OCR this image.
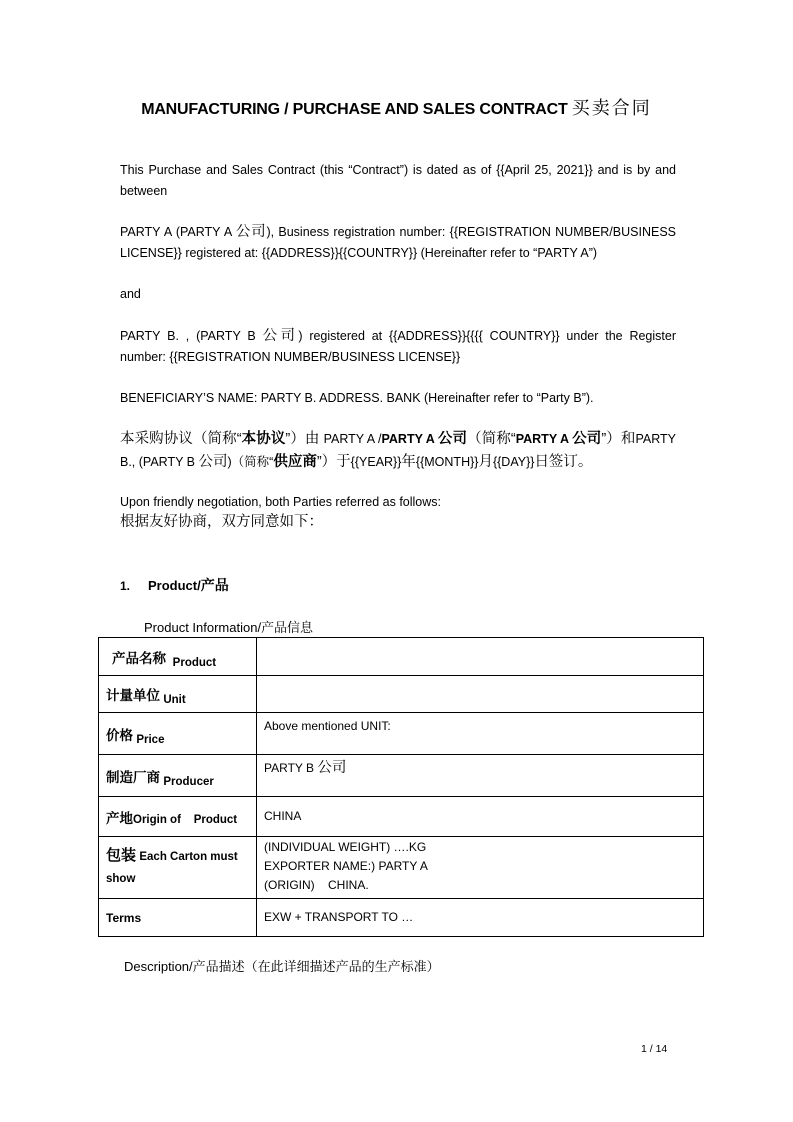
MANUFACTURING / PURCHASE AND SALES CONTRACT 买卖合同
This Purchase and Sales Contract (this “Contract”) is dated as of {{April 25, 2021}} and is by and between
PARTY A (PARTY A 公司), Business registration number: {{REGISTRATION NUMBER/BUSINESS LICENSE}} registered at: {{ADDRESS}}{{COUNTRY}} (Hereinafter refer to “PARTY A”)
and
PARTY B. , (PARTY B 公司) registered at {{ADDRESS}}{{{{ COUNTRY}} under the Register number: {{REGISTRATION NUMBER/BUSINESS LICENSE}}
BENEFICIARY’S NAME: PARTY B. ADDRESS. BANK (Hereinafter refer to “Party B”).
本采购协议（简称“本协议”）由 PARTY A /PARTY A 公司（简称“PARTY A 公司”）和PARTY B., (PARTY B 公司)（简称“供应商”）于{{YEAR}}年{{MONTH}}月{{DAY}}日签订。
Upon friendly negotiation, both Parties referred as follows:
根据友好协商，双方同意如下：
1. Product/产品
Product Information/产品信息
产品名称 Product	
计量单位 Unit	
价格 Price	Above mentioned UNIT:
制造厂商 Producer	PARTY B 公司
产地Origin of    Product	CHINA
包装 Each Carton must show	(INDIVIDUAL WEIGHT) ….KG
EXPORTER NAME:) PARTY A
(ORIGIN)    CHINA.

Terms	EXW + TRANSPORT TO …
Description/产品描述（在此详细描述产品的生产标准）
1 / 14
